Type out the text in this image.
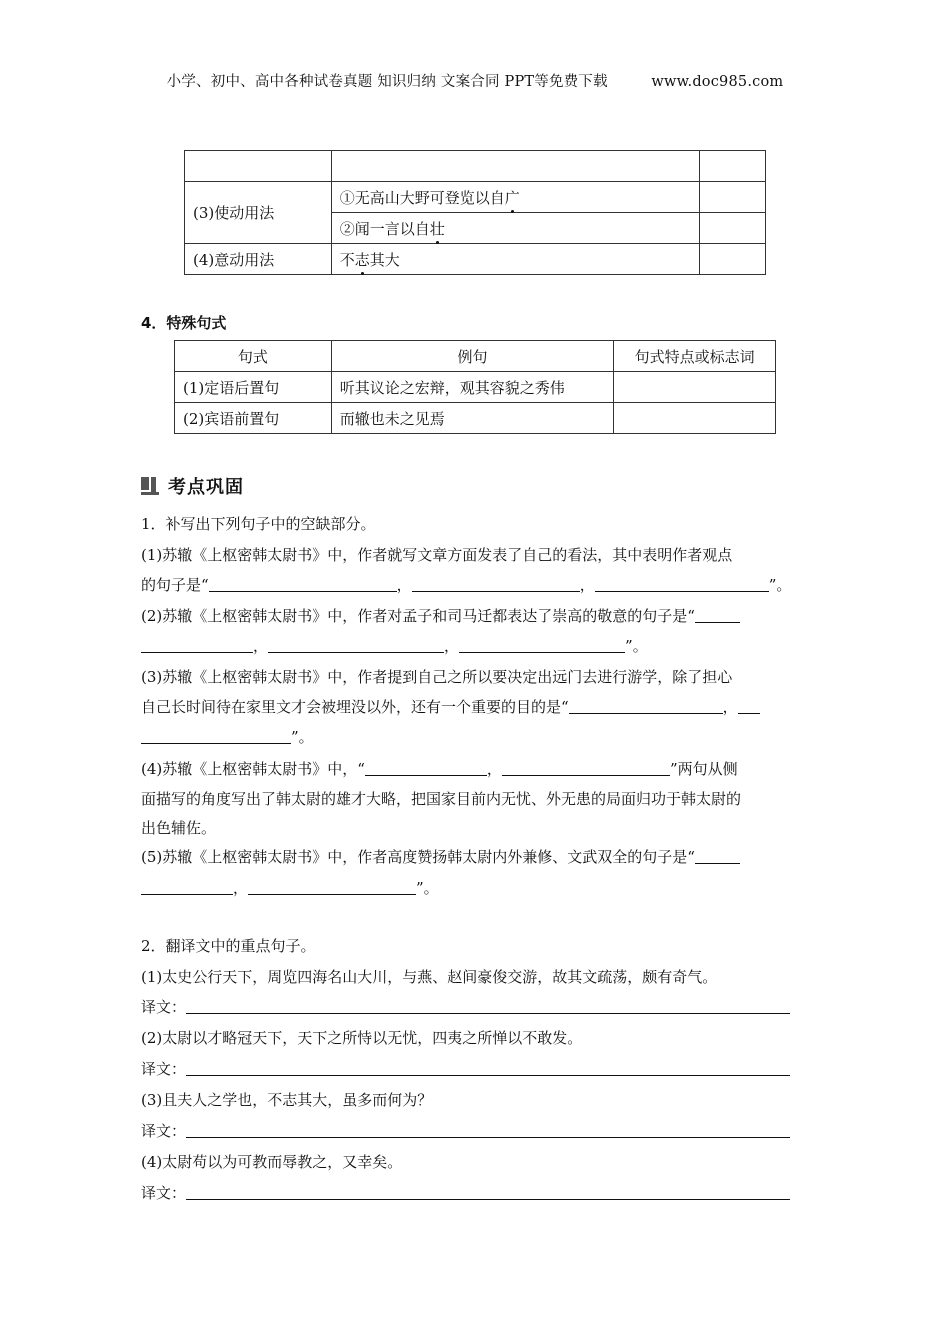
小学、初中、高中各种试卷真题 知识归纳 文案合同 PPT等免费下载	www.doc985.com

(3)使动用法	①无高山大野可登览以自广	
	②闻一言以自壮	
(4)意动用法	不志其大	
4．特殊句式
句式	例句	句式特点或标志词
(1)定语后置句	听其议论之宏辩，观其容貌之秀伟	
(2)宾语前置句	而辙也未之见焉	
考点巩固
1．补写出下列句子中的空缺部分。
(1)苏辙《上枢密韩太尉书》中，作者就写文章方面发表了自己的看法，其中表明作者观点
的句子是“	，	，	”。
(2)苏辙《上枢密韩太尉书》中，作者对孟子和司马迁都表达了崇高的敬意的句子是“
，	，	”。
(3)苏辙《上枢密韩太尉书》中，作者提到自己之所以要决定出远门去进行游学，除了担心
自己长时间待在家里文才会被埋没以外，还有一个重要的目的是“	，
”。
(4)苏辙《上枢密韩太尉书》中，“	，	”两句从侧
面描写的角度写出了韩太尉的雄才大略，把国家目前内无忧、外无患的局面归功于韩太尉的
出色辅佐。
(5)苏辙《上枢密韩太尉书》中，作者高度赞扬韩太尉内外兼修、文武双全的句子是“
，	”。
2．翻译文中的重点句子。
(1)太史公行天下，周览四海名山大川，与燕、赵间豪俊交游，故其文疏荡，颇有奇气。
译文：
(2)太尉以才略冠天下，天下之所恃以无忧，四夷之所惮以不敢发。
译文：
(3)且夫人之学也，不志其大，虽多而何为？
译文：
(4)太尉苟以为可教而辱教之，又幸矣。
译文：
